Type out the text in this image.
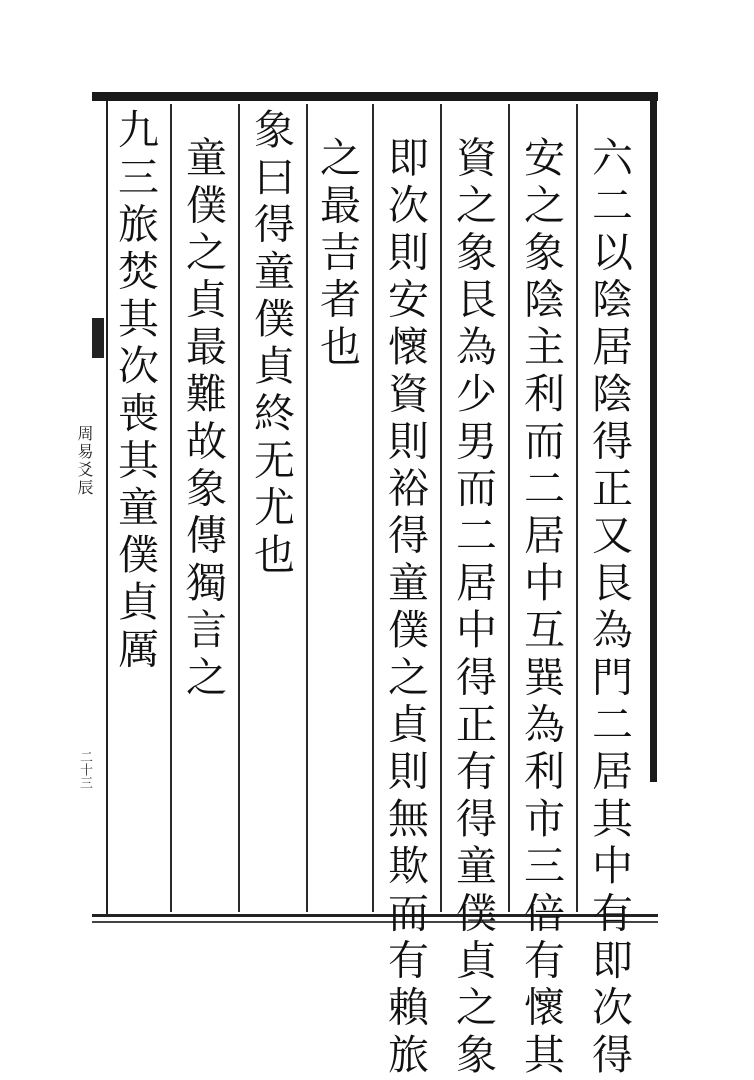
周易爻辰
二十三	六二以陰居陰得正又艮為門二居其中有即次得
安之象陰主利而二居中互巽為利市三倍有懷其
資之象艮為少男而二居中得正有得童僕貞之象
即次則安懷資則裕得童僕之貞則無欺而有賴旅
之最吉者也
象曰得童僕貞終无尤也
童僕之貞最難故象傳獨言之
九三旅焚其次喪其童僕貞厲
